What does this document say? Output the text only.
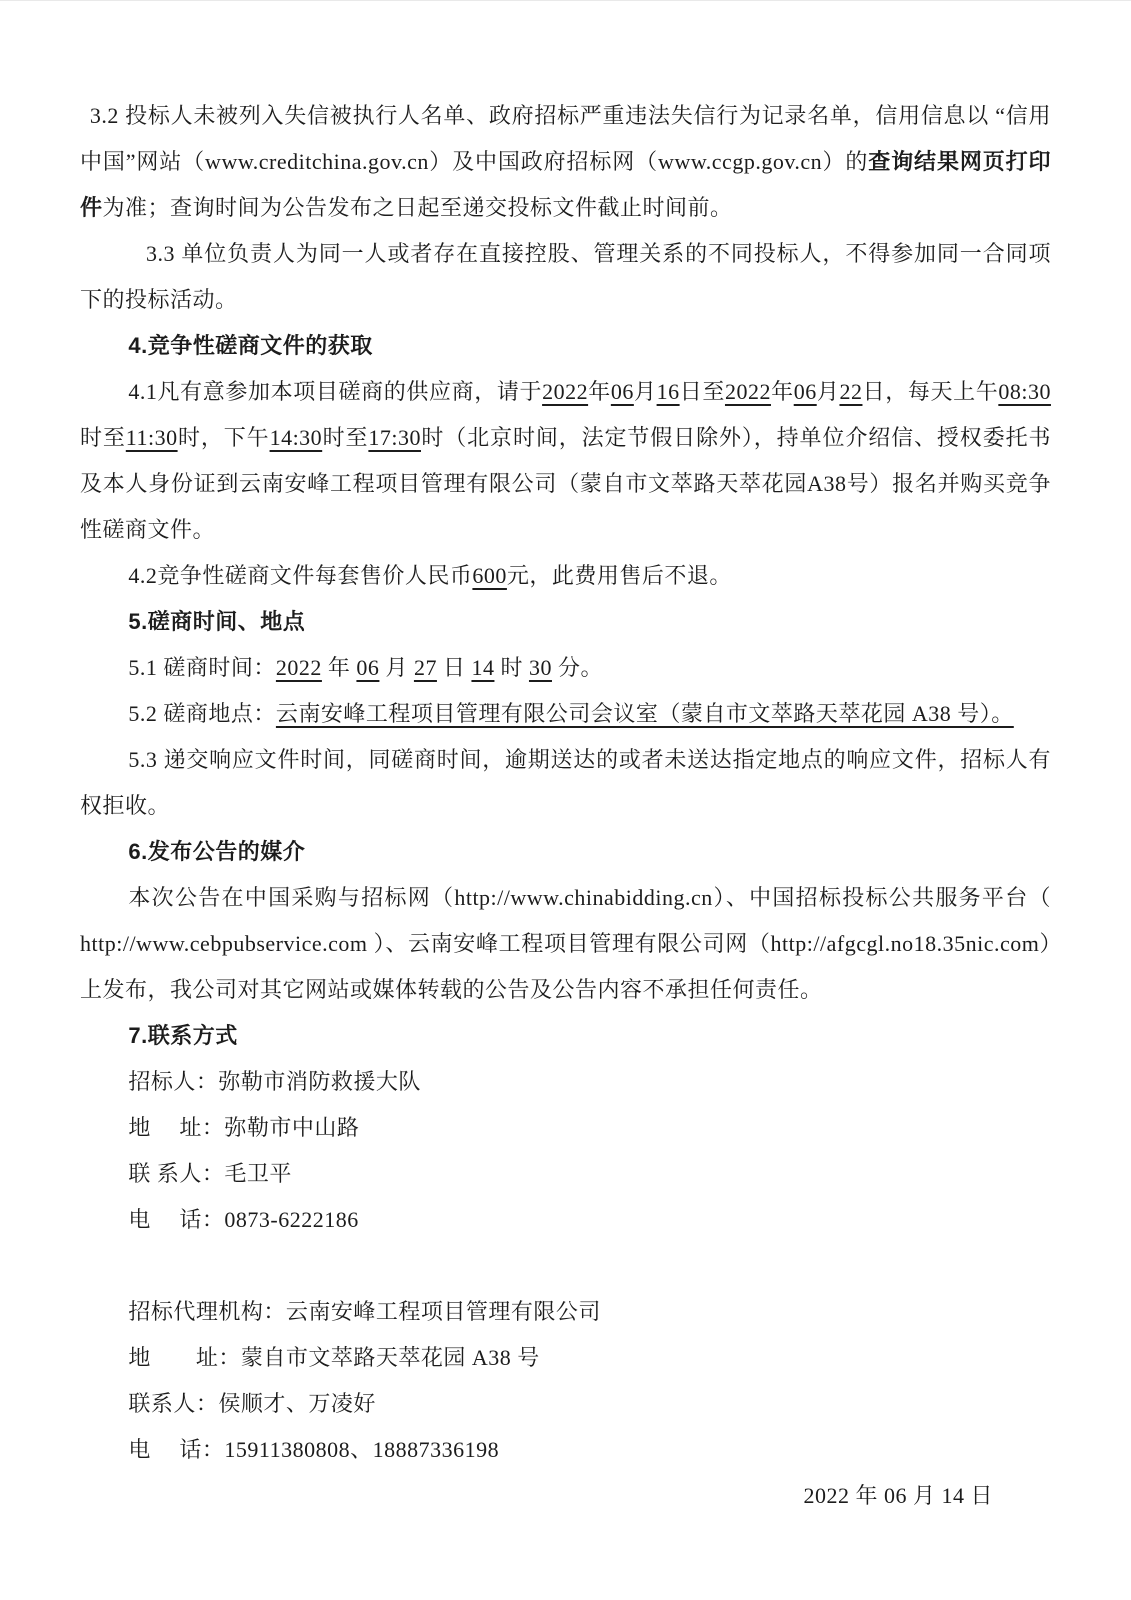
3.2 投标人未被列入失信被执行人名单、政府招标严重违法失信行为记录名单，信用信息以 “信用中国”网站（www.creditchina.gov.cn）及中国政府招标网（www.ccgp.gov.cn）的查询结果网页打印件为准；查询时间为公告发布之日起至递交投标文件截止时间前。

3.3 单位负责人为同一人或者存在直接控股、管理关系的不同投标人，不得参加同一合同项下的投标活动。

4.竞争性磋商文件的获取

4.1凡有意参加本项目磋商的供应商，请于2022年06月16日至2022年06月22日，每天上午08:30时至11:30时，下午14:30时至17:30时（北京时间，法定节假日除外），持单位介绍信、授权委托书及本人身份证到云南安峰工程项目管理有限公司（蒙自市文萃路天萃花园A38号）报名并购买竞争性磋商文件。

4.2竞争性磋商文件每套售价人民币600元，此费用售后不退。

5.磋商时间、地点

5.1 磋商时间：2022 年 06 月 27 日 14 时 30 分。

5.2 磋商地点：云南安峰工程项目管理有限公司会议室（蒙自市文萃路天萃花园 A38 号）。

5.3 递交响应文件时间，同磋商时间，逾期送达的或者未送达指定地点的响应文件，招标人有权拒收。

6.发布公告的媒介

本次公告在中国采购与招标网（http://www.chinabidding.cn）、中国招标投标公共服务平台（ http://www.cebpubservice.com ）、云南安峰工程项目管理有限公司网（http://afgcgl.no18.35nic.com）上发布，我公司对其它网站或媒体转载的公告及公告内容不承担任何责任。

7.联系方式

招标人：弥勒市消防救援大队

地　 址：弥勒市中山路

联 系人：毛卫平

电　 话：0873-6222186

招标代理机构：云南安峰工程项目管理有限公司

地　　址：蒙自市文萃路天萃花园 A38 号

联系人：侯顺才、万凌好

电　 话：15911380808、18887336198

2022 年 06 月 14 日
